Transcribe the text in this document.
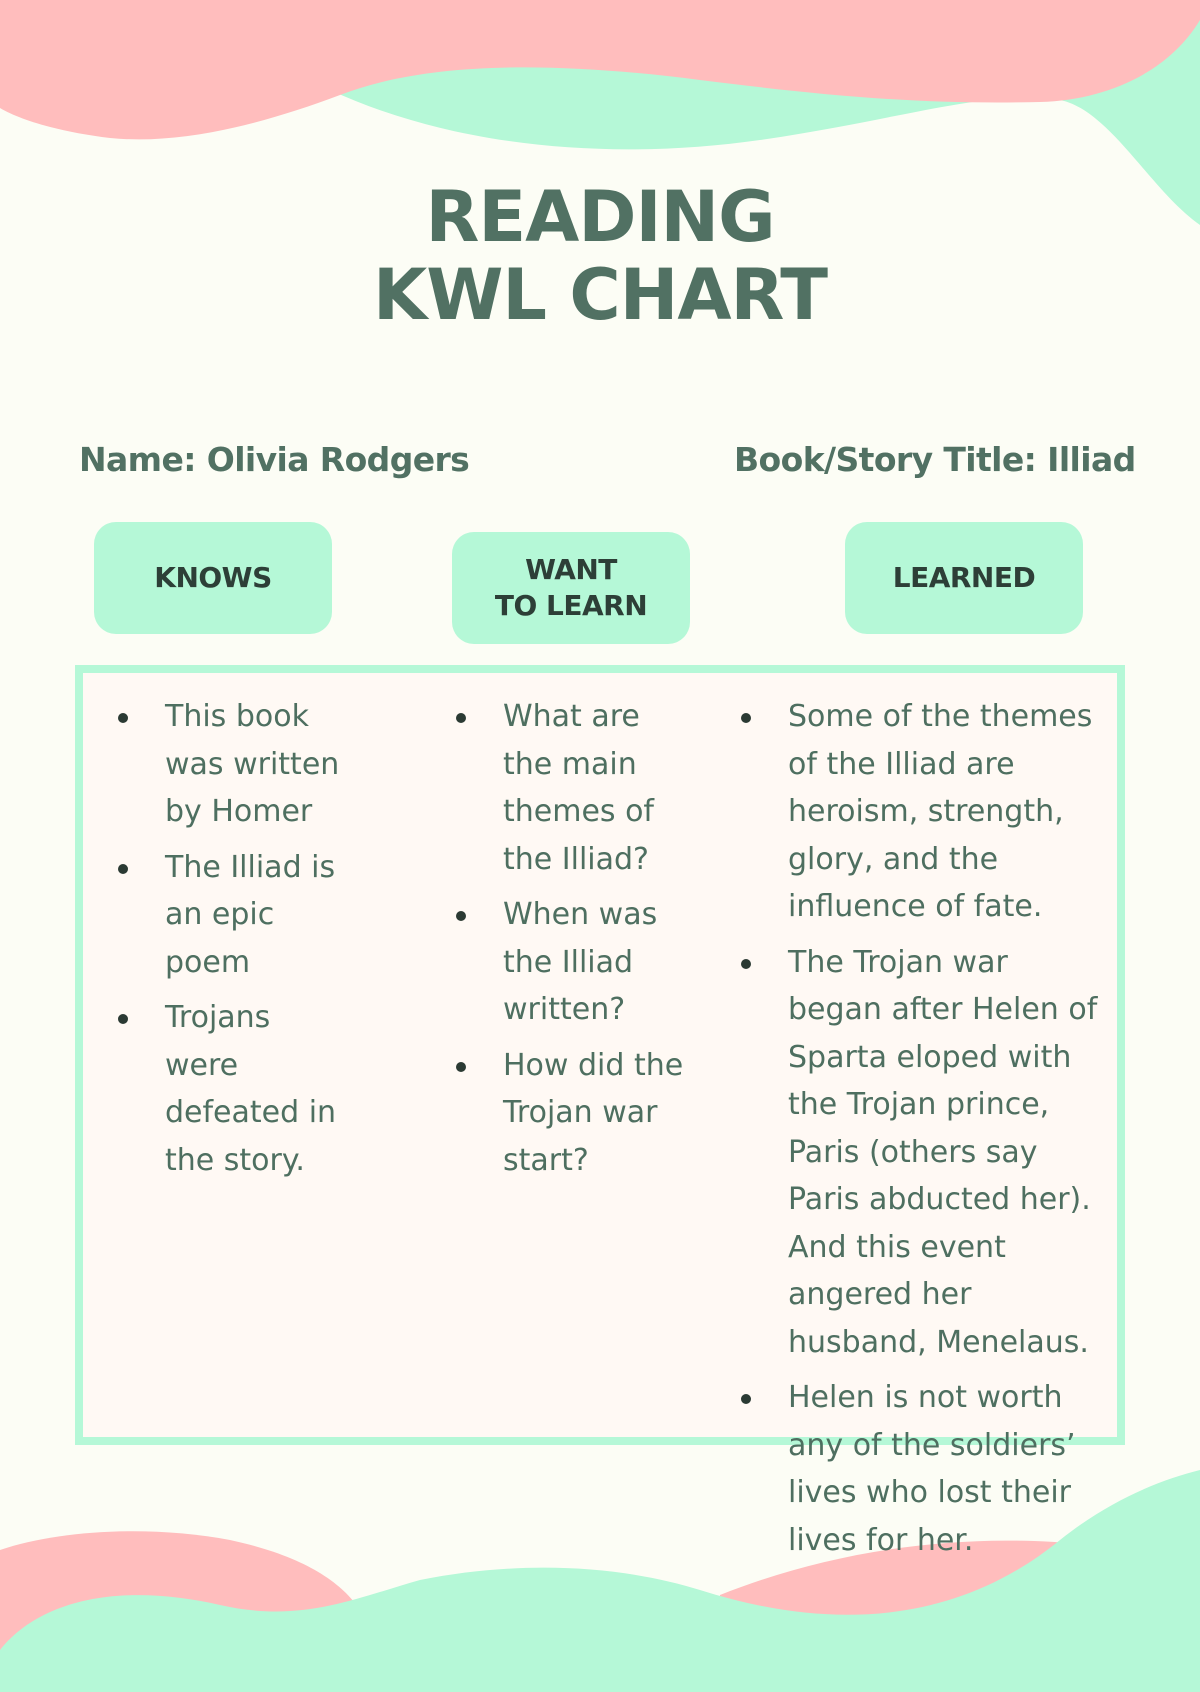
READING
KWL CHART
Name: Olivia Rodgers	Book/Story Title: Illiad
KNOWS	WANT
TO LEARN
LEARNED
This book was written by Homer
The Illiad is an epic poem
Trojans were defeated in the story.
What are the main themes of the Illiad?
When was the Illiad written?
How did the Trojan war start?
Some of the themes of the Illiad are heroism, strength, glory, and the influence of fate.
The Trojan war began after Helen of Sparta eloped with the Trojan prince, Paris (others say Paris abducted her). And this event angered her husband, Menelaus.
Helen is not worth any of the soldiers’ lives who lost their lives for her.
